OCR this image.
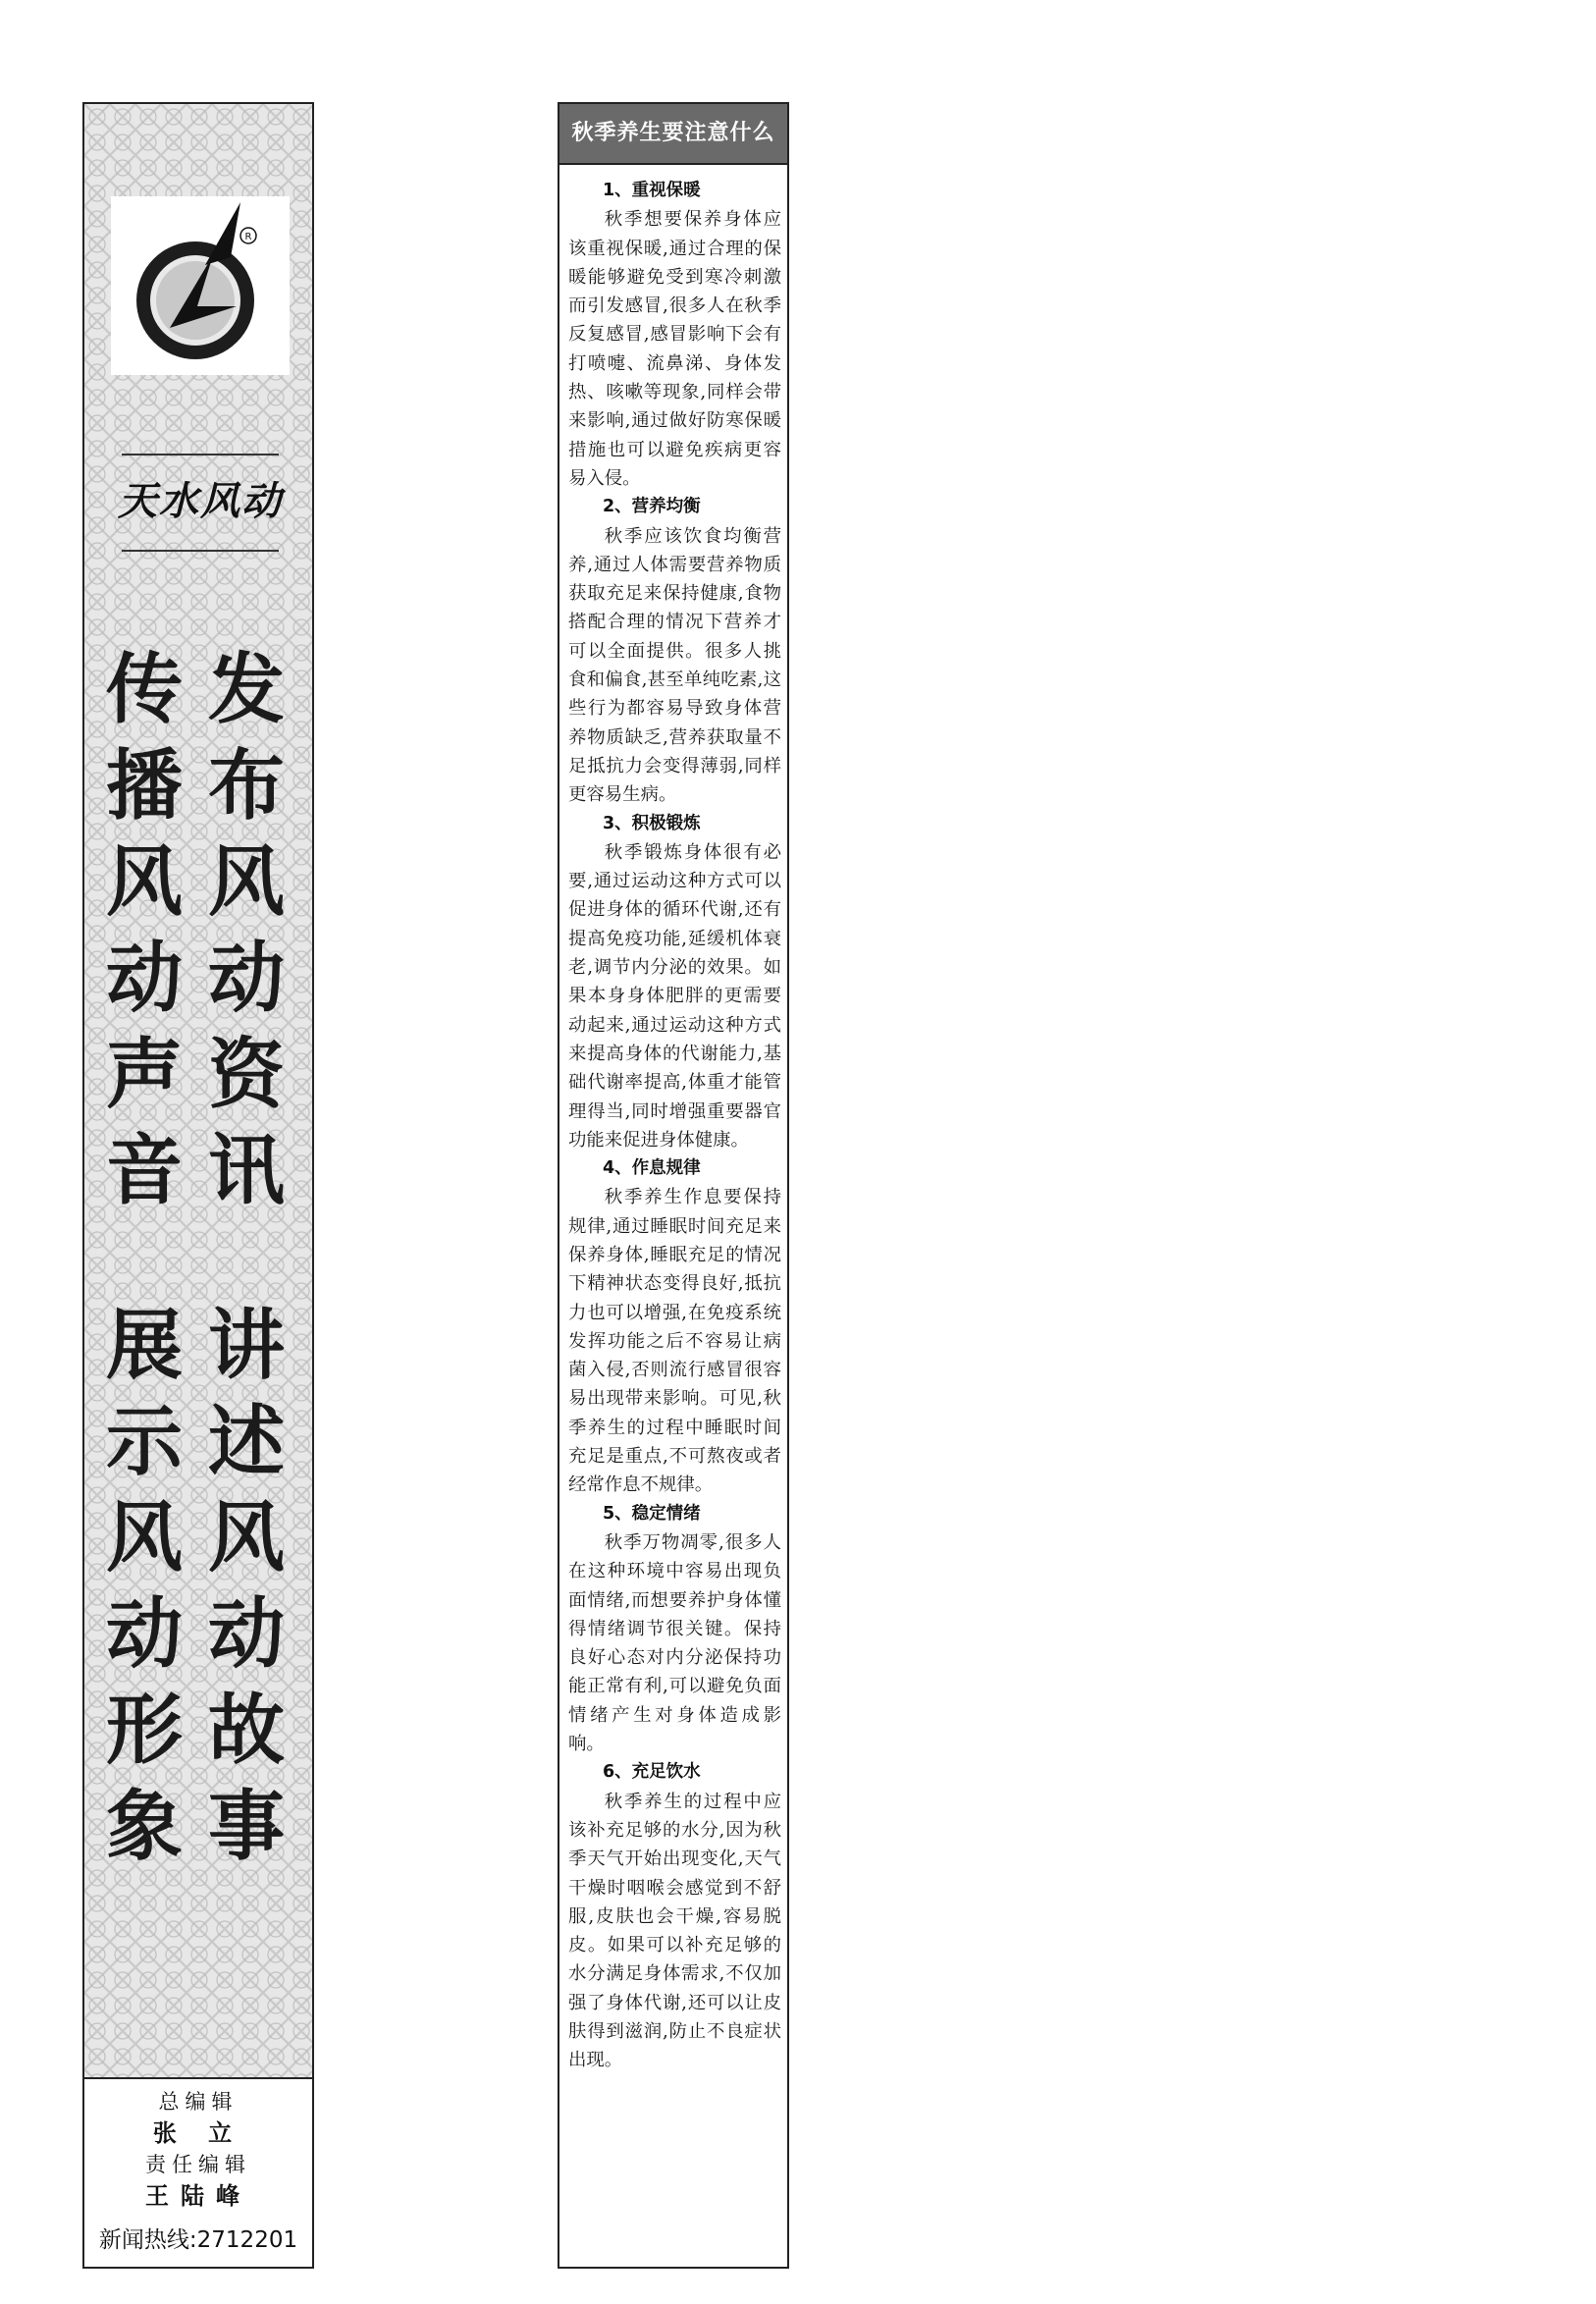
R
天水风动
传
播
风
动
声
音
发
布
风
动
资
讯
展
示
风
动
形
象
讲
述
风
动
故
事
总编辑
张 立
责任编辑
王陆峰
新闻热线:2712201
秋季养生要注意什么
1、重视保暖

秋季想要保养身体应该重视保暖,通过合理的保暖能够避免受到寒冷刺激而引发感冒,很多人在秋季反复感冒,感冒影响下会有打喷嚏、流鼻涕、身体发热、咳嗽等现象,同样会带来影响,通过做好防寒保暖措施也可以避免疾病更容易入侵。

2、营养均衡

秋季应该饮食均衡营养,通过人体需要营养物质获取充足来保持健康,食物搭配合理的情况下营养才可以全面提供。很多人挑食和偏食,甚至单纯吃素,这些行为都容易导致身体营养物质缺乏,营养获取量不足抵抗力会变得薄弱,同样更容易生病。

3、积极锻炼

秋季锻炼身体很有必要,通过运动这种方式可以促进身体的循环代谢,还有提高免疫功能,延缓机体衰老,调节内分泌的效果。如果本身身体肥胖的更需要动起来,通过运动这种方式来提高身体的代谢能力,基础代谢率提高,体重才能管理得当,同时增强重要器官功能来促进身体健康。

4、作息规律

秋季养生作息要保持规律,通过睡眠时间充足来保养身体,睡眠充足的情况下精神状态变得良好,抵抗力也可以增强,在免疫系统发挥功能之后不容易让病菌入侵,否则流行感冒很容易出现带来影响。可见,秋季养生的过程中睡眠时间充足是重点,不可熬夜或者经常作息不规律。

5、稳定情绪

秋季万物凋零,很多人在这种环境中容易出现负面情绪,而想要养护身体懂得情绪调节很关键。保持良好心态对内分泌保持功能正常有利,可以避免负面情绪产生对身体造成影响。

6、充足饮水

秋季养生的过程中应该补充足够的水分,因为秋季天气开始出现变化,天气干燥时咽喉会感觉到不舒服,皮肤也会干燥,容易脱皮。如果可以补充足够的水分满足身体需求,不仅加强了身体代谢,还可以让皮肤得到滋润,防止不良症状出现。
